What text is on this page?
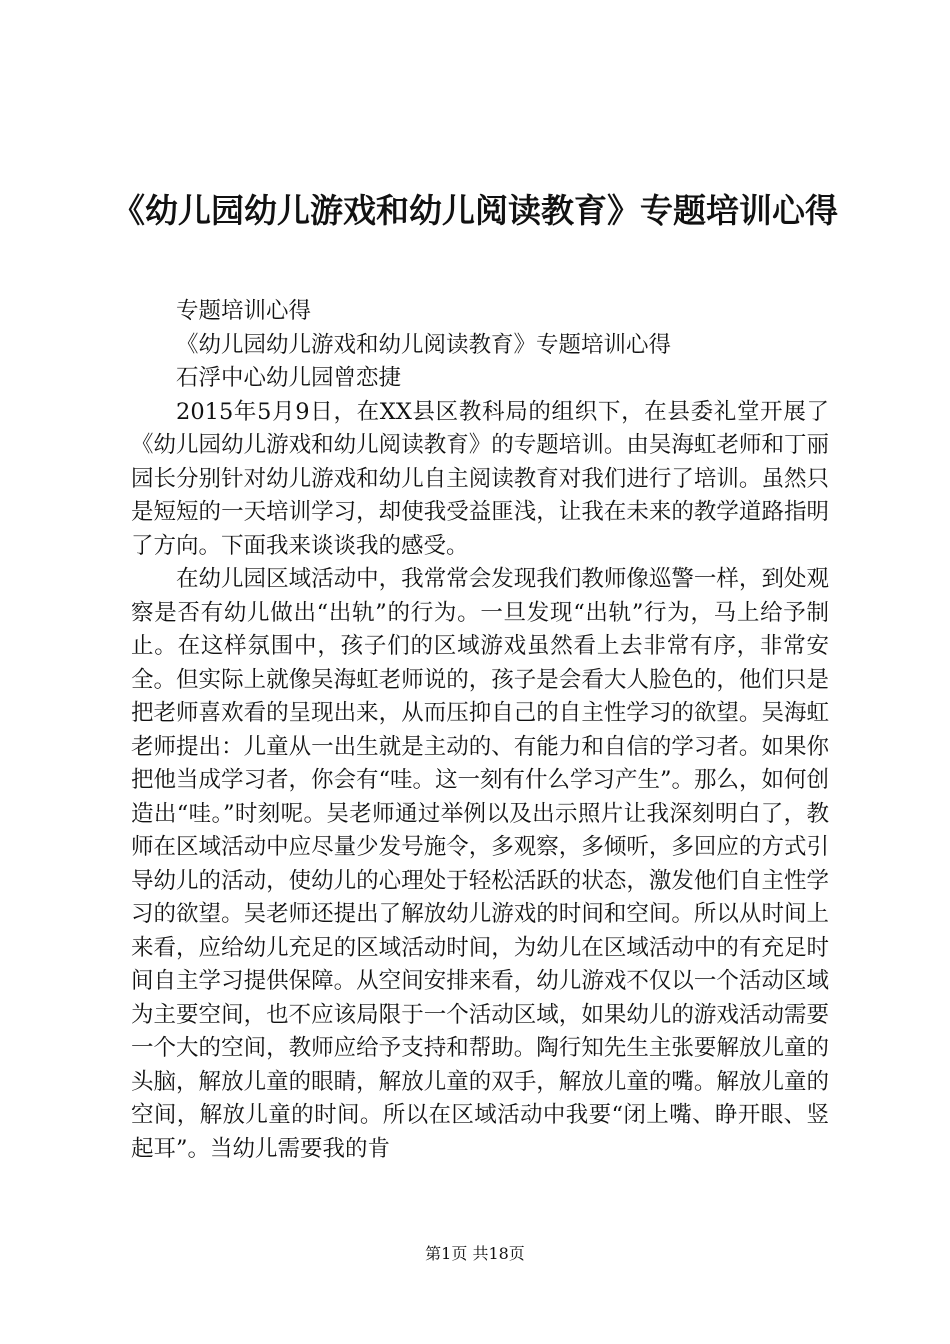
《幼儿园幼儿游戏和幼儿阅读教育》专题培训心得

专题培训心得

《幼儿园幼儿游戏和幼儿阅读教育》专题培训心得

石浮中心幼儿园曾恋捷

2015年5月9日，在XX县区教科局的组织下，在县委礼堂开展了《幼儿园幼儿游戏和幼儿阅读教育》的专题培训。由吴海虹老师和丁丽园长分别针对幼儿游戏和幼儿自主阅读教育对我们进行了培训。虽然只是短短的一天培训学习，却使我受益匪浅，让我在未来的教学道路指明了方向。下面我来谈谈我的感受。

在幼儿园区域活动中，我常常会发现我们教师像巡警一样，到处观察是否有幼儿做出“出轨”的行为。一旦发现“出轨”行为，马上给予制止。在这样氛围中，孩子们的区域游戏虽然看上去非常有序，非常安全。但实际上就像吴海虹老师说的，孩子是会看大人脸色的，他们只是把老师喜欢看的呈现出来，从而压抑自己的自主性学习的欲望。吴海虹老师提出：儿童从一出生就是主动的、有能力和自信的学习者。如果你把他当成学习者，你会有“哇。这一刻有什么学习产生”。那么，如何创造出“哇。”时刻呢。吴老师通过举例以及出示照片让我深刻明白了，教师在区域活动中应尽量少发号施令，多观察，多倾听，多回应的方式引导幼儿的活动，使幼儿的心理处于轻松活跃的状态，激发他们自主性学习的欲望。吴老师还提出了解放幼儿游戏的时间和空间。所以从时间上来看，应给幼儿充足的区域活动时间，为幼儿在区域活动中的有充足时间自主学习提供保障。从空间安排来看，幼儿游戏不仅以一个活动区域为主要空间，也不应该局限于一个活动区域，如果幼儿的游戏活动需要一个大的空间，教师应给予支持和帮助。陶行知先生主张要解放儿童的头脑，解放儿童的眼睛，解放儿童的双手，解放儿童的嘴。解放儿童的空间，解放儿童的时间。所以在区域活动中我要“闭上嘴、睁开眼、竖起耳”。当幼儿需要我的肯

第1页 共18页
